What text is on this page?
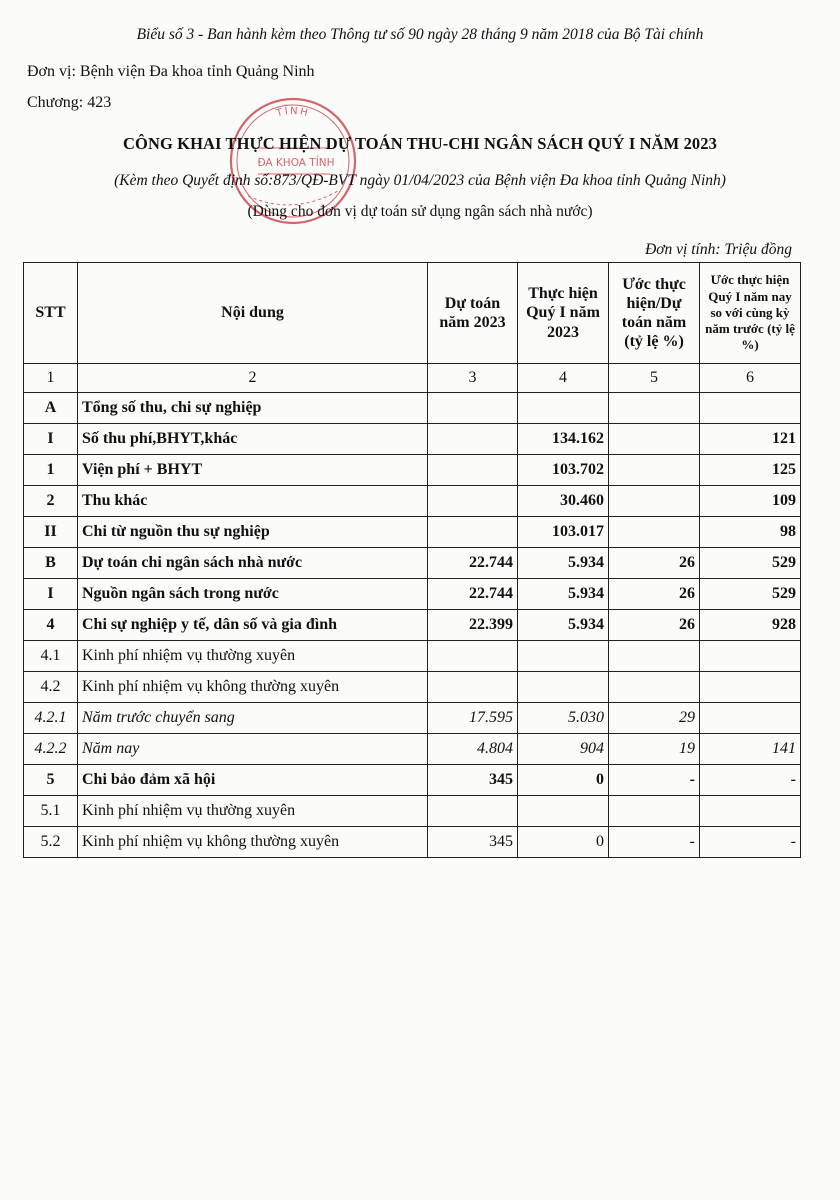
Biểu số 3 - Ban hành kèm theo Thông tư số 90 ngày 28 tháng 9 năm 2018 của Bộ Tài chính
Đơn vị: Bệnh viện Đa khoa tỉnh Quảng Ninh
Chương: 423
TỈNH
ĐA KHOA TỈNH
CÔNG KHAI THỰC HIỆN DỰ TOÁN THU-CHI NGÂN SÁCH QUÝ I NĂM 2023
(Kèm theo Quyết định số:873/QĐ-BVT ngày 01/04/2023 của Bệnh viện Đa khoa tỉnh Quảng Ninh)
(Dùng cho đơn vị dự toán sử dụng ngân sách nhà nước)
Đơn vị tính: Triệu đồng
STT	Nội dung	Dự toán năm 2023	Thực hiện Quý I năm 2023	Ước thực hiện/Dự toán năm (tỷ lệ %)	Ước thực hiện Quý I năm nay so với cùng kỳ năm trước (tỷ lệ %)
1	2	3	4	5	6
A	Tổng số thu, chi sự nghiệp				
I	Số thu phí,BHYT,khác		134.162		121
1	Viện phí + BHYT		103.702		125
2	Thu khác		30.460		109
II	Chi từ nguồn thu sự nghiệp		103.017		98
B	Dự toán chi ngân sách nhà nước	22.744	5.934	26	529
I	Nguồn ngân sách trong nước	22.744	5.934	26	529
4	Chi sự nghiệp y tế, dân số và gia đình	22.399	5.934	26	928
4.1	Kinh phí nhiệm vụ thường xuyên				
4.2	Kinh phí nhiệm vụ không thường xuyên				
4.2.1	Năm trước chuyển sang	17.595	5.030	29	
4.2.2	Năm nay	4.804	904	19	141
5	Chi bảo đảm xã hội	345	0	-	-
5.1	Kinh phí nhiệm vụ thường xuyên				
5.2	Kinh phí nhiệm vụ không thường xuyên	345	0	-	-
